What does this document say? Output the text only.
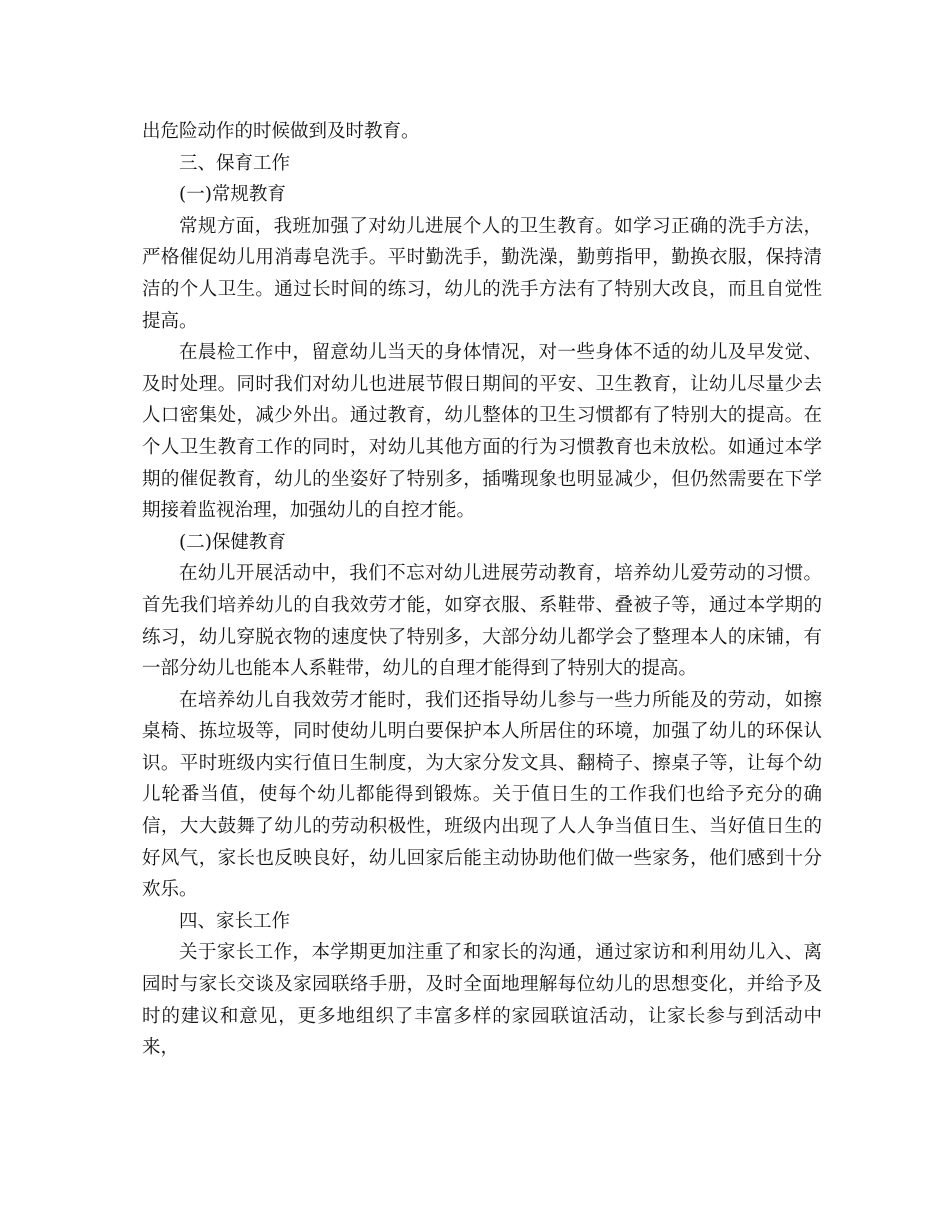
出危险动作的时候做到及时教育。

三、保育工作

(一)常规教育

常规方面，我班加强了对幼儿进展个人的卫生教育。如学习正确的洗手方法，严格催促幼儿用消毒皂洗手。平时勤洗手，勤洗澡，勤剪指甲，勤换衣服，保持清洁的个人卫生。通过长时间的练习，幼儿的洗手方法有了特别大改良，而且自觉性提高。

在晨检工作中，留意幼儿当天的身体情况，对一些身体不适的幼儿及早发觉、及时处理。同时我们对幼儿也进展节假日期间的平安、卫生教育，让幼儿尽量少去人口密集处，减少外出。通过教育，幼儿整体的卫生习惯都有了特别大的提高。在个人卫生教育工作的同时，对幼儿其他方面的行为习惯教育也未放松。如通过本学期的催促教育，幼儿的坐姿好了特别多，插嘴现象也明显减少，但仍然需要在下学期接着监视治理，加强幼儿的自控才能。

(二)保健教育

在幼儿开展活动中，我们不忘对幼儿进展劳动教育，培养幼儿爱劳动的习惯。首先我们培养幼儿的自我效劳才能，如穿衣服、系鞋带、叠被子等，通过本学期的练习，幼儿穿脱衣物的速度快了特别多，大部分幼儿都学会了整理本人的床铺，有一部分幼儿也能本人系鞋带，幼儿的自理才能得到了特别大的提高。

在培养幼儿自我效劳才能时，我们还指导幼儿参与一些力所能及的劳动，如擦桌椅、拣垃圾等，同时使幼儿明白要保护本人所居住的环境，加强了幼儿的环保认识。平时班级内实行值日生制度，为大家分发文具、翻椅子、擦桌子等，让每个幼儿轮番当值，使每个幼儿都能得到锻炼。关于值日生的工作我们也给予充分的确信，大大鼓舞了幼儿的劳动积极性，班级内出现了人人争当值日生、当好值日生的好风气，家长也反映良好，幼儿回家后能主动协助他们做一些家务，他们感到十分欢乐。

四、家长工作

关于家长工作，本学期更加注重了和家长的沟通，通过家访和利用幼儿入、离园时与家长交谈及家园联络手册，及时全面地理解每位幼儿的思想变化，并给予及时的建议和意见，更多地组织了丰富多样的家园联谊活动，让家长参与到活动中来，
